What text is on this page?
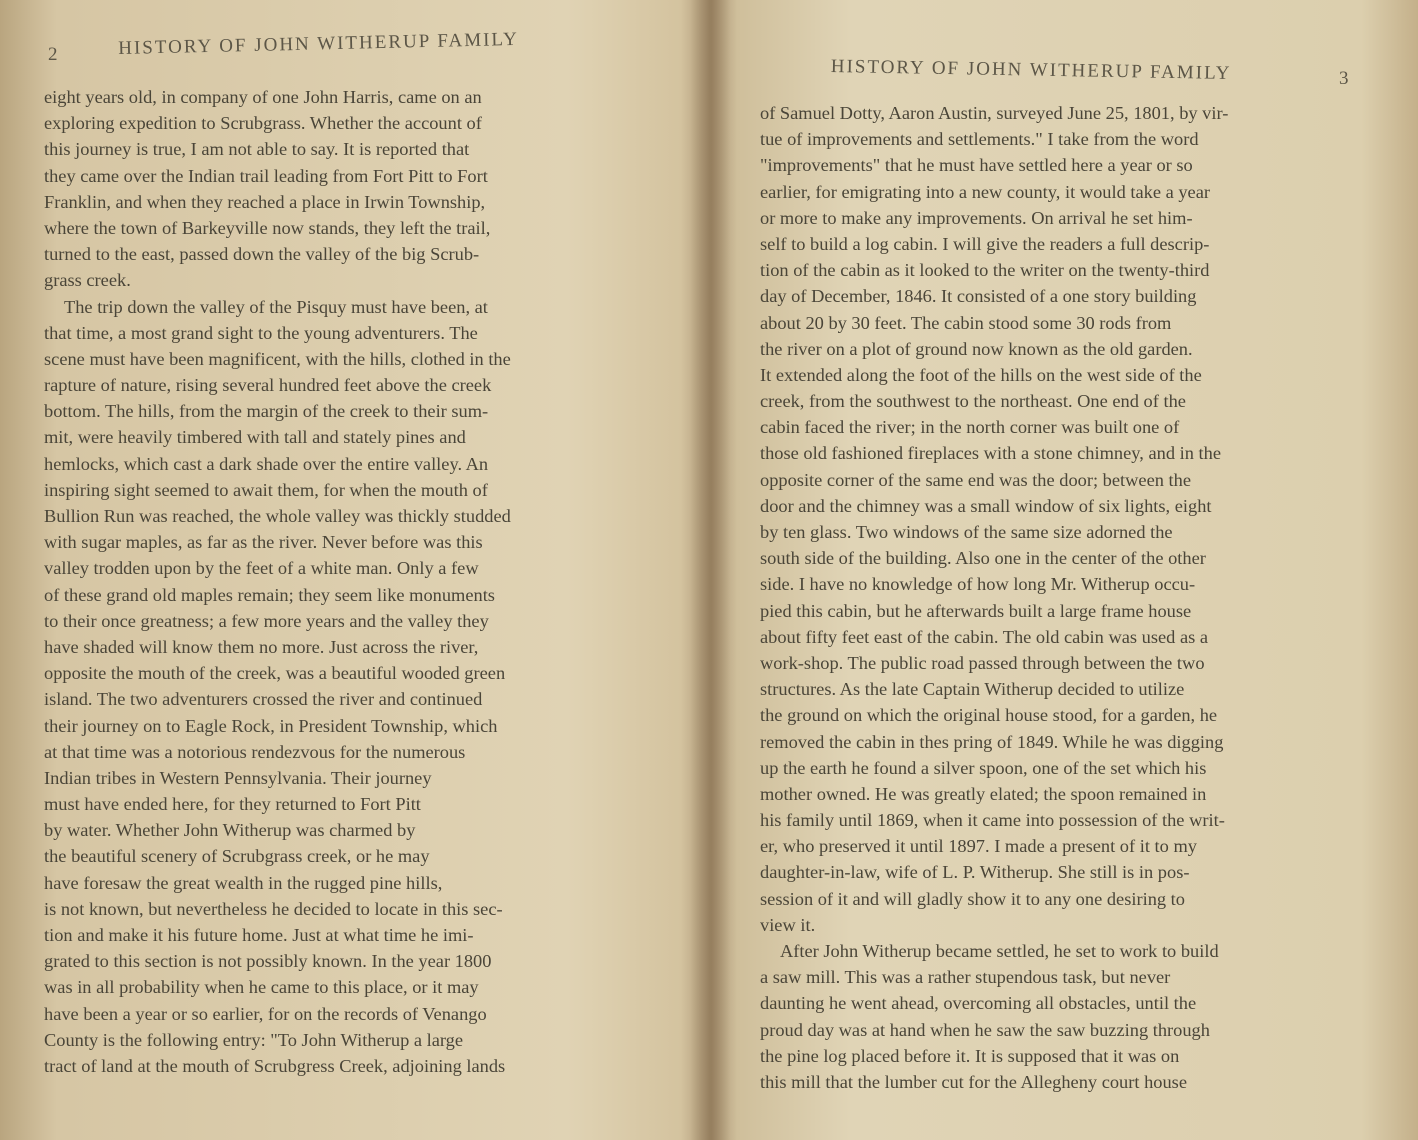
2	HISTORY OF JOHN WITHERUP FAMILY
eight years old, in company of one John Harris, came on an
exploring expedition to Scrubgrass. Whether the account of
this journey is true, I am not able to say. It is reported that
they came over the Indian trail leading from Fort Pitt to Fort
Franklin, and when they reached a place in Irwin Township,
where the town of Barkeyville now stands, they left the trail,
turned to the east, passed down the valley of the big Scrub-
grass creek.
The trip down the valley of the Pisquy must have been, at
that time, a most grand sight to the young adventurers. The
scene must have been magnificent, with the hills, clothed in the
rapture of nature, rising several hundred feet above the creek
bottom. The hills, from the margin of the creek to their sum-
mit, were heavily timbered with tall and stately pines and
hemlocks, which cast a dark shade over the entire valley. An
inspiring sight seemed to await them, for when the mouth of
Bullion Run was reached, the whole valley was thickly studded
with sugar maples, as far as the river. Never before was this
valley trodden upon by the feet of a white man. Only a few
of these grand old maples remain; they seem like monuments
to their once greatness; a few more years and the valley they
have shaded will know them no more. Just across the river,
opposite the mouth of the creek, was a beautiful wooded green
island. The two adventurers crossed the river and continued
their journey on to Eagle Rock, in President Township, which
at that time was a notorious rendezvous for the numerous
Indian tribes in Western Pennsylvania. Their journey
must have ended here, for they returned to Fort Pitt
by water. Whether John Witherup was charmed by
the beautiful scenery of Scrubgrass creek, or he may
have foresaw the great wealth in the rugged pine hills,
is not known, but nevertheless he decided to locate in this sec-
tion and make it his future home. Just at what time he imi-
grated to this section is not possibly known. In the year 1800
was in all probability when he came to this place, or it may
have been a year or so earlier, for on the records of Venango
County is the following entry: "To John Witherup a large
tract of land at the mouth of Scrubgress Creek, adjoining lands
HISTORY OF JOHN WITHERUP FAMILY	3
of Samuel Dotty, Aaron Austin, surveyed June 25, 1801, by vir-
tue of improvements and settlements." I take from the word
"improvements" that he must have settled here a year or so
earlier, for emigrating into a new county, it would take a year
or more to make any improvements. On arrival he set him-
self to build a log cabin. I will give the readers a full descrip-
tion of the cabin as it looked to the writer on the twenty-third
day of December, 1846. It consisted of a one story building
about 20 by 30 feet. The cabin stood some 30 rods from
the river on a plot of ground now known as the old garden.
It extended along the foot of the hills on the west side of the
creek, from the southwest to the northeast. One end of the
cabin faced the river; in the north corner was built one of
those old fashioned fireplaces with a stone chimney, and in the
opposite corner of the same end was the door; between the
door and the chimney was a small window of six lights, eight
by ten glass. Two windows of the same size adorned the
south side of the building. Also one in the center of the other
side. I have no knowledge of how long Mr. Witherup occu-
pied this cabin, but he afterwards built a large frame house
about fifty feet east of the cabin. The old cabin was used as a
work-shop. The public road passed through between the two
structures. As the late Captain Witherup decided to utilize
the ground on which the original house stood, for a garden, he
removed the cabin in thes pring of 1849. While he was digging
up the earth he found a silver spoon, one of the set which his
mother owned. He was greatly elated; the spoon remained in
his family until 1869, when it came into possession of the writ-
er, who preserved it until 1897. I made a present of it to my
daughter-in-law, wife of L. P. Witherup. She still is in pos-
session of it and will gladly show it to any one desiring to
view it.
After John Witherup became settled, he set to work to build
a saw mill. This was a rather stupendous task, but never
daunting he went ahead, overcoming all obstacles, until the
proud day was at hand when he saw the saw buzzing through
the pine log placed before it. It is supposed that it was on
this mill that the lumber cut for the Allegheny court house
